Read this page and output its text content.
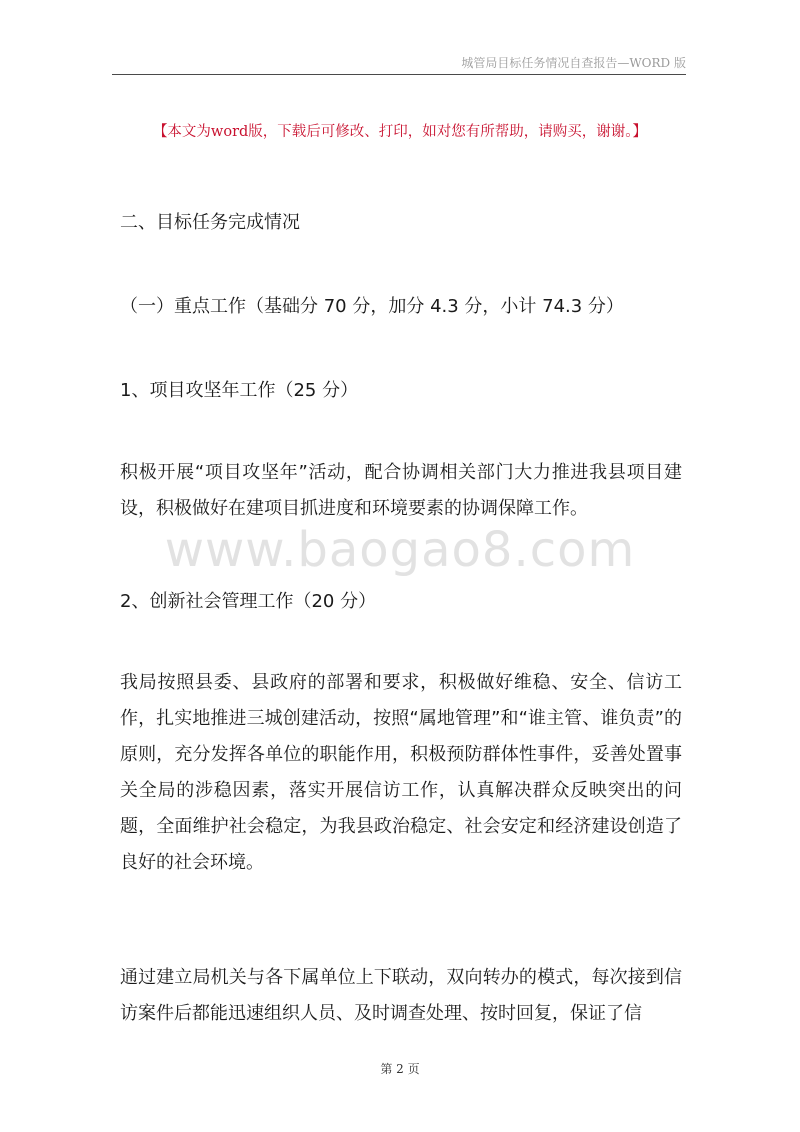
城管局目标任务情况自查报告—WORD 版
【本文为word版，下载后可修改、打印，如对您有所帮助，请购买，谢谢。】
二、目标任务完成情况
（一）重点工作（基础分 70 分，加分 4.3 分，小计 74.3 分）
1、项目攻坚年工作（25 分）
积极开展“项目攻坚年”活动，配合协调相关部门大力推进我县项目建设，积极做好在建项目抓进度和环境要素的协调保障工作。
www.baogao8.com
2、创新社会管理工作（20 分）
我局按照县委、县政府的部署和要求，积极做好维稳、安全、信访工作，扎实地推进三城创建活动，按照“属地管理”和“谁主管、谁负责”的原则，充分发挥各单位的职能作用，积极预防群体性事件，妥善处置事关全局的涉稳因素，落实开展信访工作，认真解决群众反映突出的问题，全面维护社会稳定，为我县政治稳定、社会安定和经济建设创造了良好的社会环境。
通过建立局机关与各下属单位上下联动，双向转办的模式，每次接到信访案件后都能迅速组织人员、及时调查处理、按时回复，保证了信
第 2 页
